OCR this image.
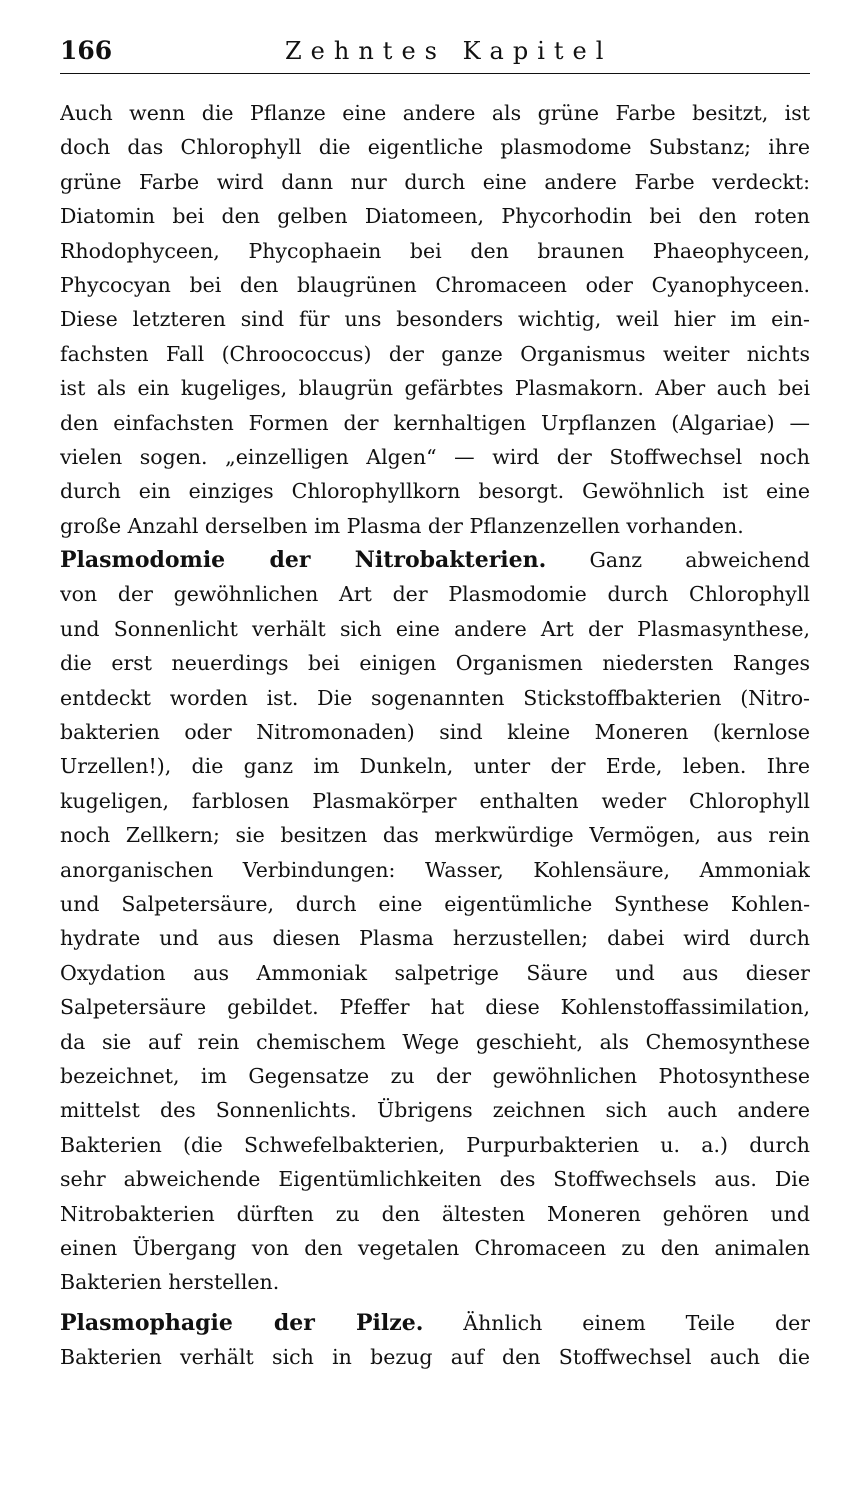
166	Zehntes Kapitel
Auch wenn die Pflanze eine andere als grüne Farbe besitzt, ist
doch das Chlorophyll die eigentliche plasmodome Substanz; ihre
grüne Farbe wird dann nur durch eine andere Farbe verdeckt:
Diatomin bei den gelben Diatomeen, Phycorhodin bei den roten
Rhodophyceen, Phycophaein bei den braunen Phaeophyceen,
Phycocyan bei den blaugrünen Chromaceen oder Cyanophyceen.
Diese letzteren sind für uns besonders wichtig, weil hier im ein-
fachsten Fall (Chroococcus) der ganze Organismus weiter nichts
ist als ein kugeliges, blaugrün gefärbtes Plasmakorn. Aber auch bei
den einfachsten Formen der kernhaltigen Urpflanzen (Algariae) —
vielen sogen. „einzelligen Algen“ — wird der Stoffwechsel noch
durch ein einziges Chlorophyllkorn besorgt. Gewöhnlich ist eine
große Anzahl derselben im Plasma der Pflanzenzellen vorhanden.
Plasmodomie der Nitrobakterien. Ganz abweichend
von der gewöhnlichen Art der Plasmodomie durch Chlorophyll
und Sonnenlicht verhält sich eine andere Art der Plasmasynthese,
die erst neuerdings bei einigen Organismen niedersten Ranges
entdeckt worden ist. Die sogenannten Stickstoffbakterien (Nitro-
bakterien oder Nitromonaden) sind kleine Moneren (kernlose
Urzellen!), die ganz im Dunkeln, unter der Erde, leben. Ihre
kugeligen, farblosen Plasmakörper enthalten weder Chlorophyll
noch Zellkern; sie besitzen das merkwürdige Vermögen, aus rein
anorganischen Verbindungen: Wasser, Kohlensäure, Ammoniak
und Salpetersäure, durch eine eigentümliche Synthese Kohlen-
hydrate und aus diesen Plasma herzustellen; dabei wird durch
Oxydation aus Ammoniak salpetrige Säure und aus dieser
Salpetersäure gebildet. Pfeffer hat diese Kohlenstoffassimilation,
da sie auf rein chemischem Wege geschieht, als Chemosynthese
bezeichnet, im Gegensatze zu der gewöhnlichen Photosynthese
mittelst des Sonnenlichts. Übrigens zeichnen sich auch andere
Bakterien (die Schwefelbakterien, Purpurbakterien u. a.) durch
sehr abweichende Eigentümlichkeiten des Stoffwechsels aus. Die
Nitrobakterien dürften zu den ältesten Moneren gehören und
einen Übergang von den vegetalen Chromaceen zu den animalen
Bakterien herstellen.
Plasmophagie der Pilze. Ähnlich einem Teile der
Bakterien verhält sich in bezug auf den Stoffwechsel auch die
